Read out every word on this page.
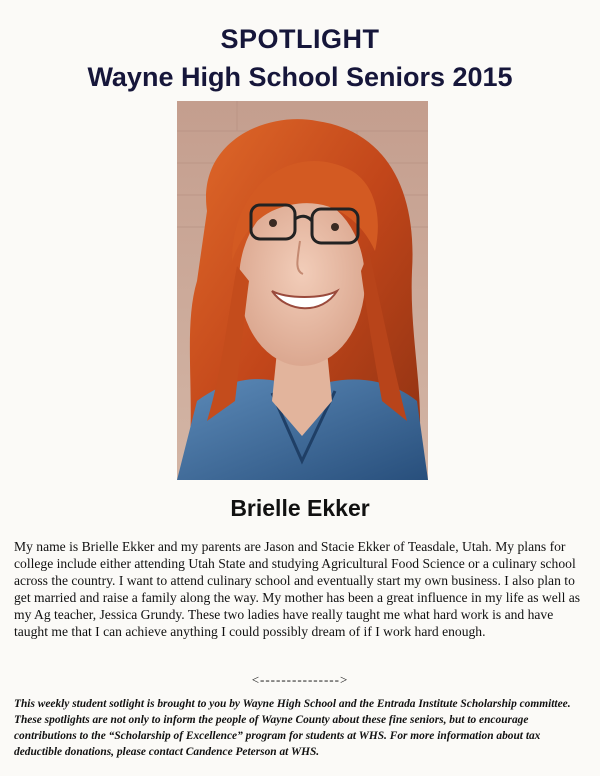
SPOTLIGHT
Wayne High School Seniors 2015
Brielle Ekker

My name is Brielle Ekker and my parents are Jason and Stacie Ekker of Teasdale, Utah. My plans for college include either attending Utah State and studying Agricultural Food Science or a culinary school across the country. I want to attend culinary school and eventually start my own business. I also plan to get married and raise a family along the way. My mother has been a great influence in my life as well as my Ag teacher, Jessica Grundy. These two ladies have really taught me what hard work is and have taught me that I can achieve anything I could possibly dream of if I work hard enough.

<--------------->

This weekly student sotlight is brought to you by Wayne High School and the Entrada Institute Scholarship committee. These spotlights are not only to inform the people of Wayne County about these fine seniors, but to encourage contributions to the “Scholarship of Excellence” program for students at WHS. For more information about tax deductible donations, please contact Candence Peterson at WHS.
